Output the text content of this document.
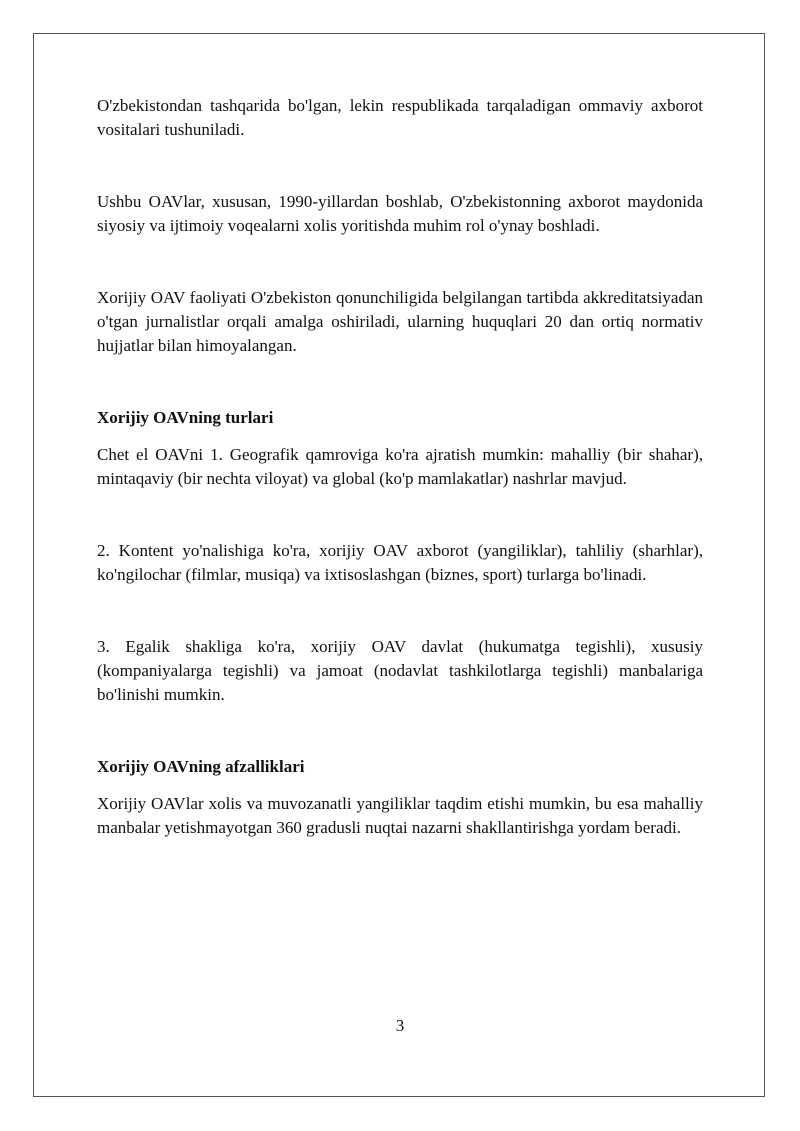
O'zbekistondan tashqarida bo'lgan, lekin respublikada tarqaladigan ommaviy axborot vositalari tushuniladi.

Ushbu OAVlar, xususan, 1990-yillardan boshlab, O'zbekistonning axborot maydonida siyosiy va ijtimoiy voqealarni xolis yoritishda muhim rol o'ynay boshladi.

Xorijiy OAV faoliyati O'zbekiston qonunchiligida belgilangan tartibda akkreditatsiyadan o'tgan jurnalistlar orqali amalga oshiriladi, ularning huquqlari 20 dan ortiq normativ hujjatlar bilan himoyalangan.

Xorijiy OAVning turlari

Chet el OAVni 1. Geografik qamroviga ko'ra ajratish mumkin: mahalliy (bir shahar), mintaqaviy (bir nechta viloyat) va global (ko'p mamlakatlar) nashrlar mavjud.

2. Kontent yo'nalishiga ko'ra, xorijiy OAV axborot (yangiliklar), tahliliy (sharhlar), ko'ngilochar (filmlar, musiqa) va ixtisoslashgan (biznes, sport) turlarga bo'linadi.

3. Egalik shakliga ko'ra, xorijiy OAV davlat (hukumatga tegishli), xususiy (kompaniyalarga tegishli) va jamoat (nodavlat tashkilotlarga tegishli) manbalariga bo'linishi mumkin.

Xorijiy OAVning afzalliklari

Xorijiy OAVlar xolis va muvozanatli yangiliklar taqdim etishi mumkin, bu esa mahalliy manbalar yetishmayotgan 360 gradusli nuqtai nazarni shakllantirishga yordam beradi.

3
